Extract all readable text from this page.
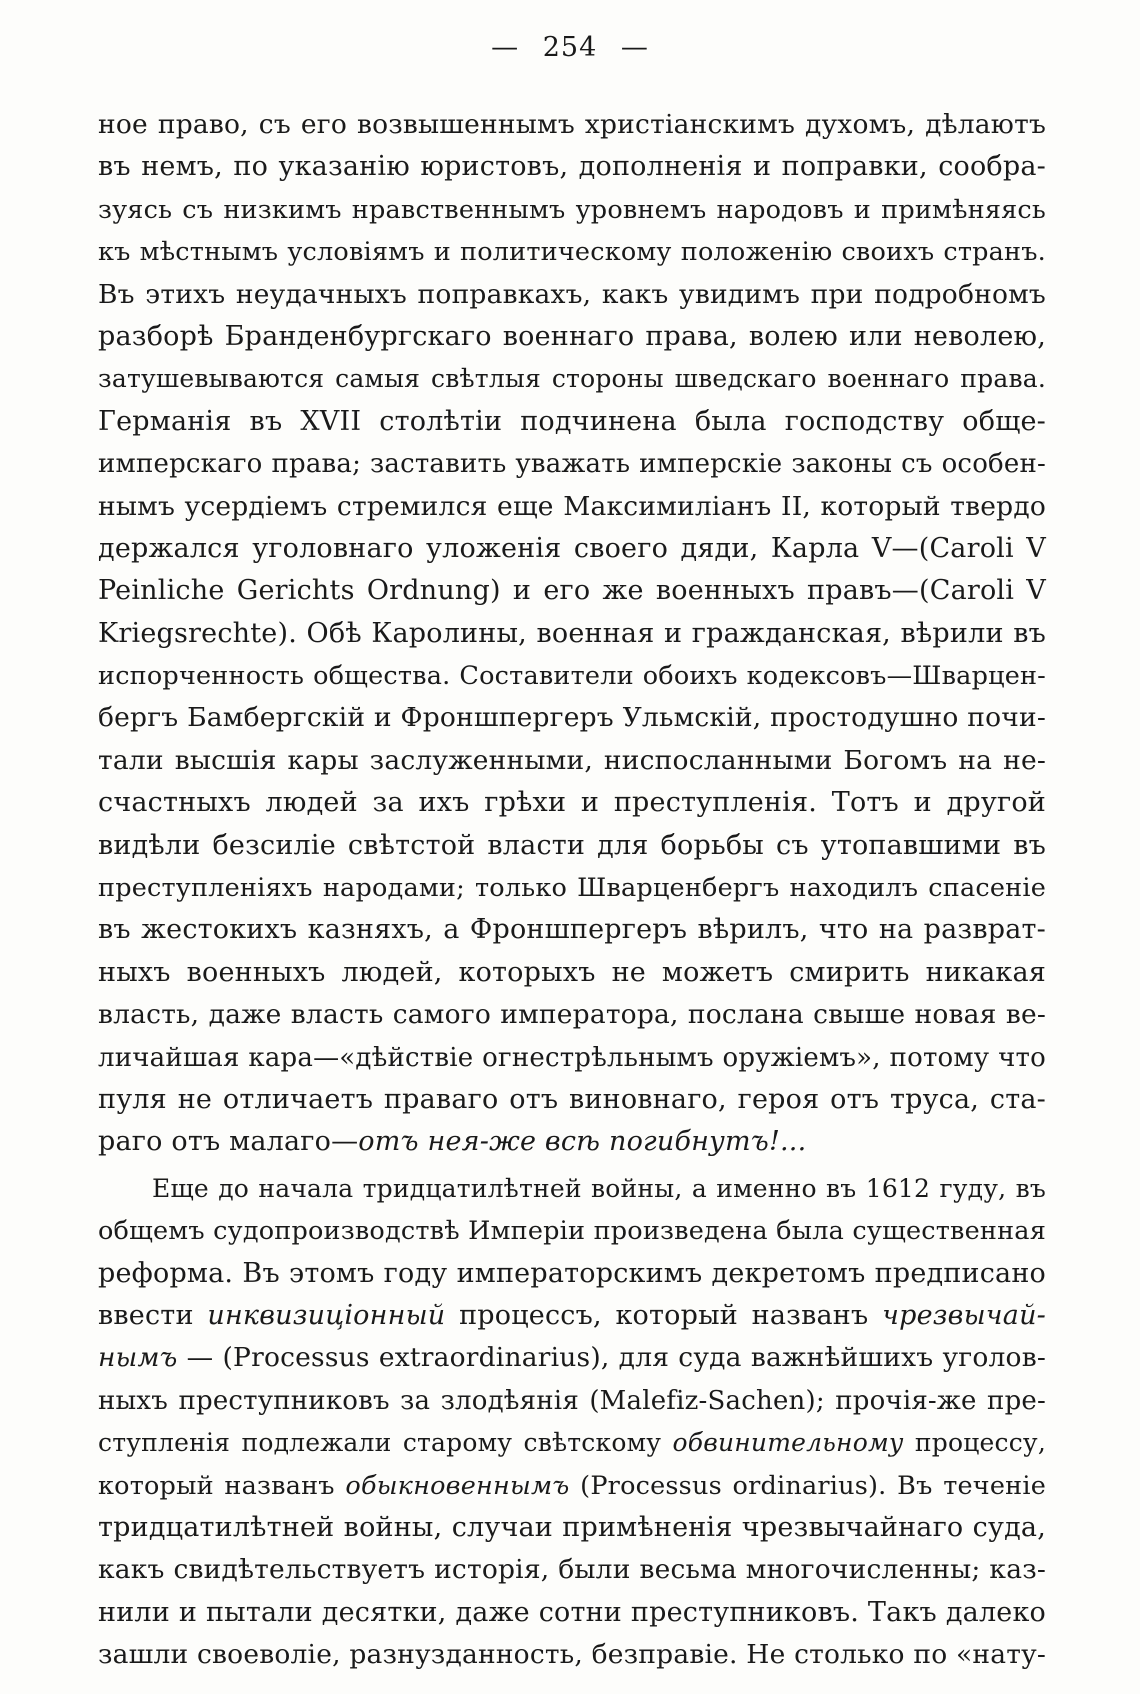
— 254 —
ное право, съ его возвышеннымъ христіанскимъ духомъ, дѣлаютъ
въ немъ, по указанію юристовъ, дополненія и поправки, сообра-
зуясь съ низкимъ нравственнымъ уровнемъ народовъ и примѣняясь
къ мѣстнымъ условіямъ и политическому положенію своихъ странъ.
Въ этихъ неудачныхъ поправкахъ, какъ увидимъ при подробномъ
разборѣ Бранденбургскаго военнаго права, волею или неволею,
затушевываются самыя свѣтлыя стороны шведскаго военнаго права.
Германія въ XVII столѣтіи подчинена была господству обще-
имперскаго права; заставить уважать имперскіе законы съ особен-
нымъ усердіемъ стремился еще Максимиліанъ II, который твердо
держался уголовнаго уложенія своего дяди, Карла V—(Caroli V
Peinliche Gerichts Ordnung) и его же военныхъ правъ—(Caroli V
Kriegsrechte). Обѣ Каролины, военная и гражданская, вѣрили въ
испорченность общества. Составители обоихъ кодексовъ—Шварцен-
бергъ Бамбергскій и Фроншпергеръ Ульмскій, простодушно почи-
тали высшія кары заслуженными, ниспосланными Богомъ на не-
счастныхъ людей за ихъ грѣхи и преступленія. Тотъ и другой
видѣли безсиліе свѣтстой власти для борьбы съ утопавшими въ
преступленіяхъ народами; только Шварценбергъ находилъ спасеніе
въ жестокихъ казняхъ, а Фроншпергеръ вѣрилъ, что на разврат-
ныхъ военныхъ людей, которыхъ не можетъ смирить никакая
власть, даже власть самого императора, послана свыше новая ве-
личайшая кара—«дѣйствіе огнестрѣльнымъ оружіемъ», потому что
пуля не отличаетъ праваго отъ виновнаго, героя отъ труса, ста-
раго отъ малаго—отъ нея-же всѣ погибнутъ!...
Еще до начала тридцатилѣтней войны, а именно въ 1612 гуду, въ
общемъ судопроизводствѣ Имперіи произведена была существенная
реформа. Въ этомъ году императорскимъ декретомъ предписано
ввести инквизиціонный процессъ, который названъ чрезвычай-
нымъ — (Processus extraordinarius), для суда важнѣйшихъ уголов-
ныхъ преступниковъ за злодѣянія (Malefiz-Sachen); прочія-же пре-
ступленія подлежали старому свѣтскому обвинительному процессу,
который названъ обыкновеннымъ (Processus ordinarius). Въ теченіе
тридцатилѣтней войны, случаи примѣненія чрезвычайнаго суда,
какъ свидѣтельствуетъ исторія, были весьма многочисленны; каз-
нили и пытали десятки, даже сотни преступниковъ. Такъ далеко
зашли своеволіе, разнузданность, безправіе. Не столько по «нату-
